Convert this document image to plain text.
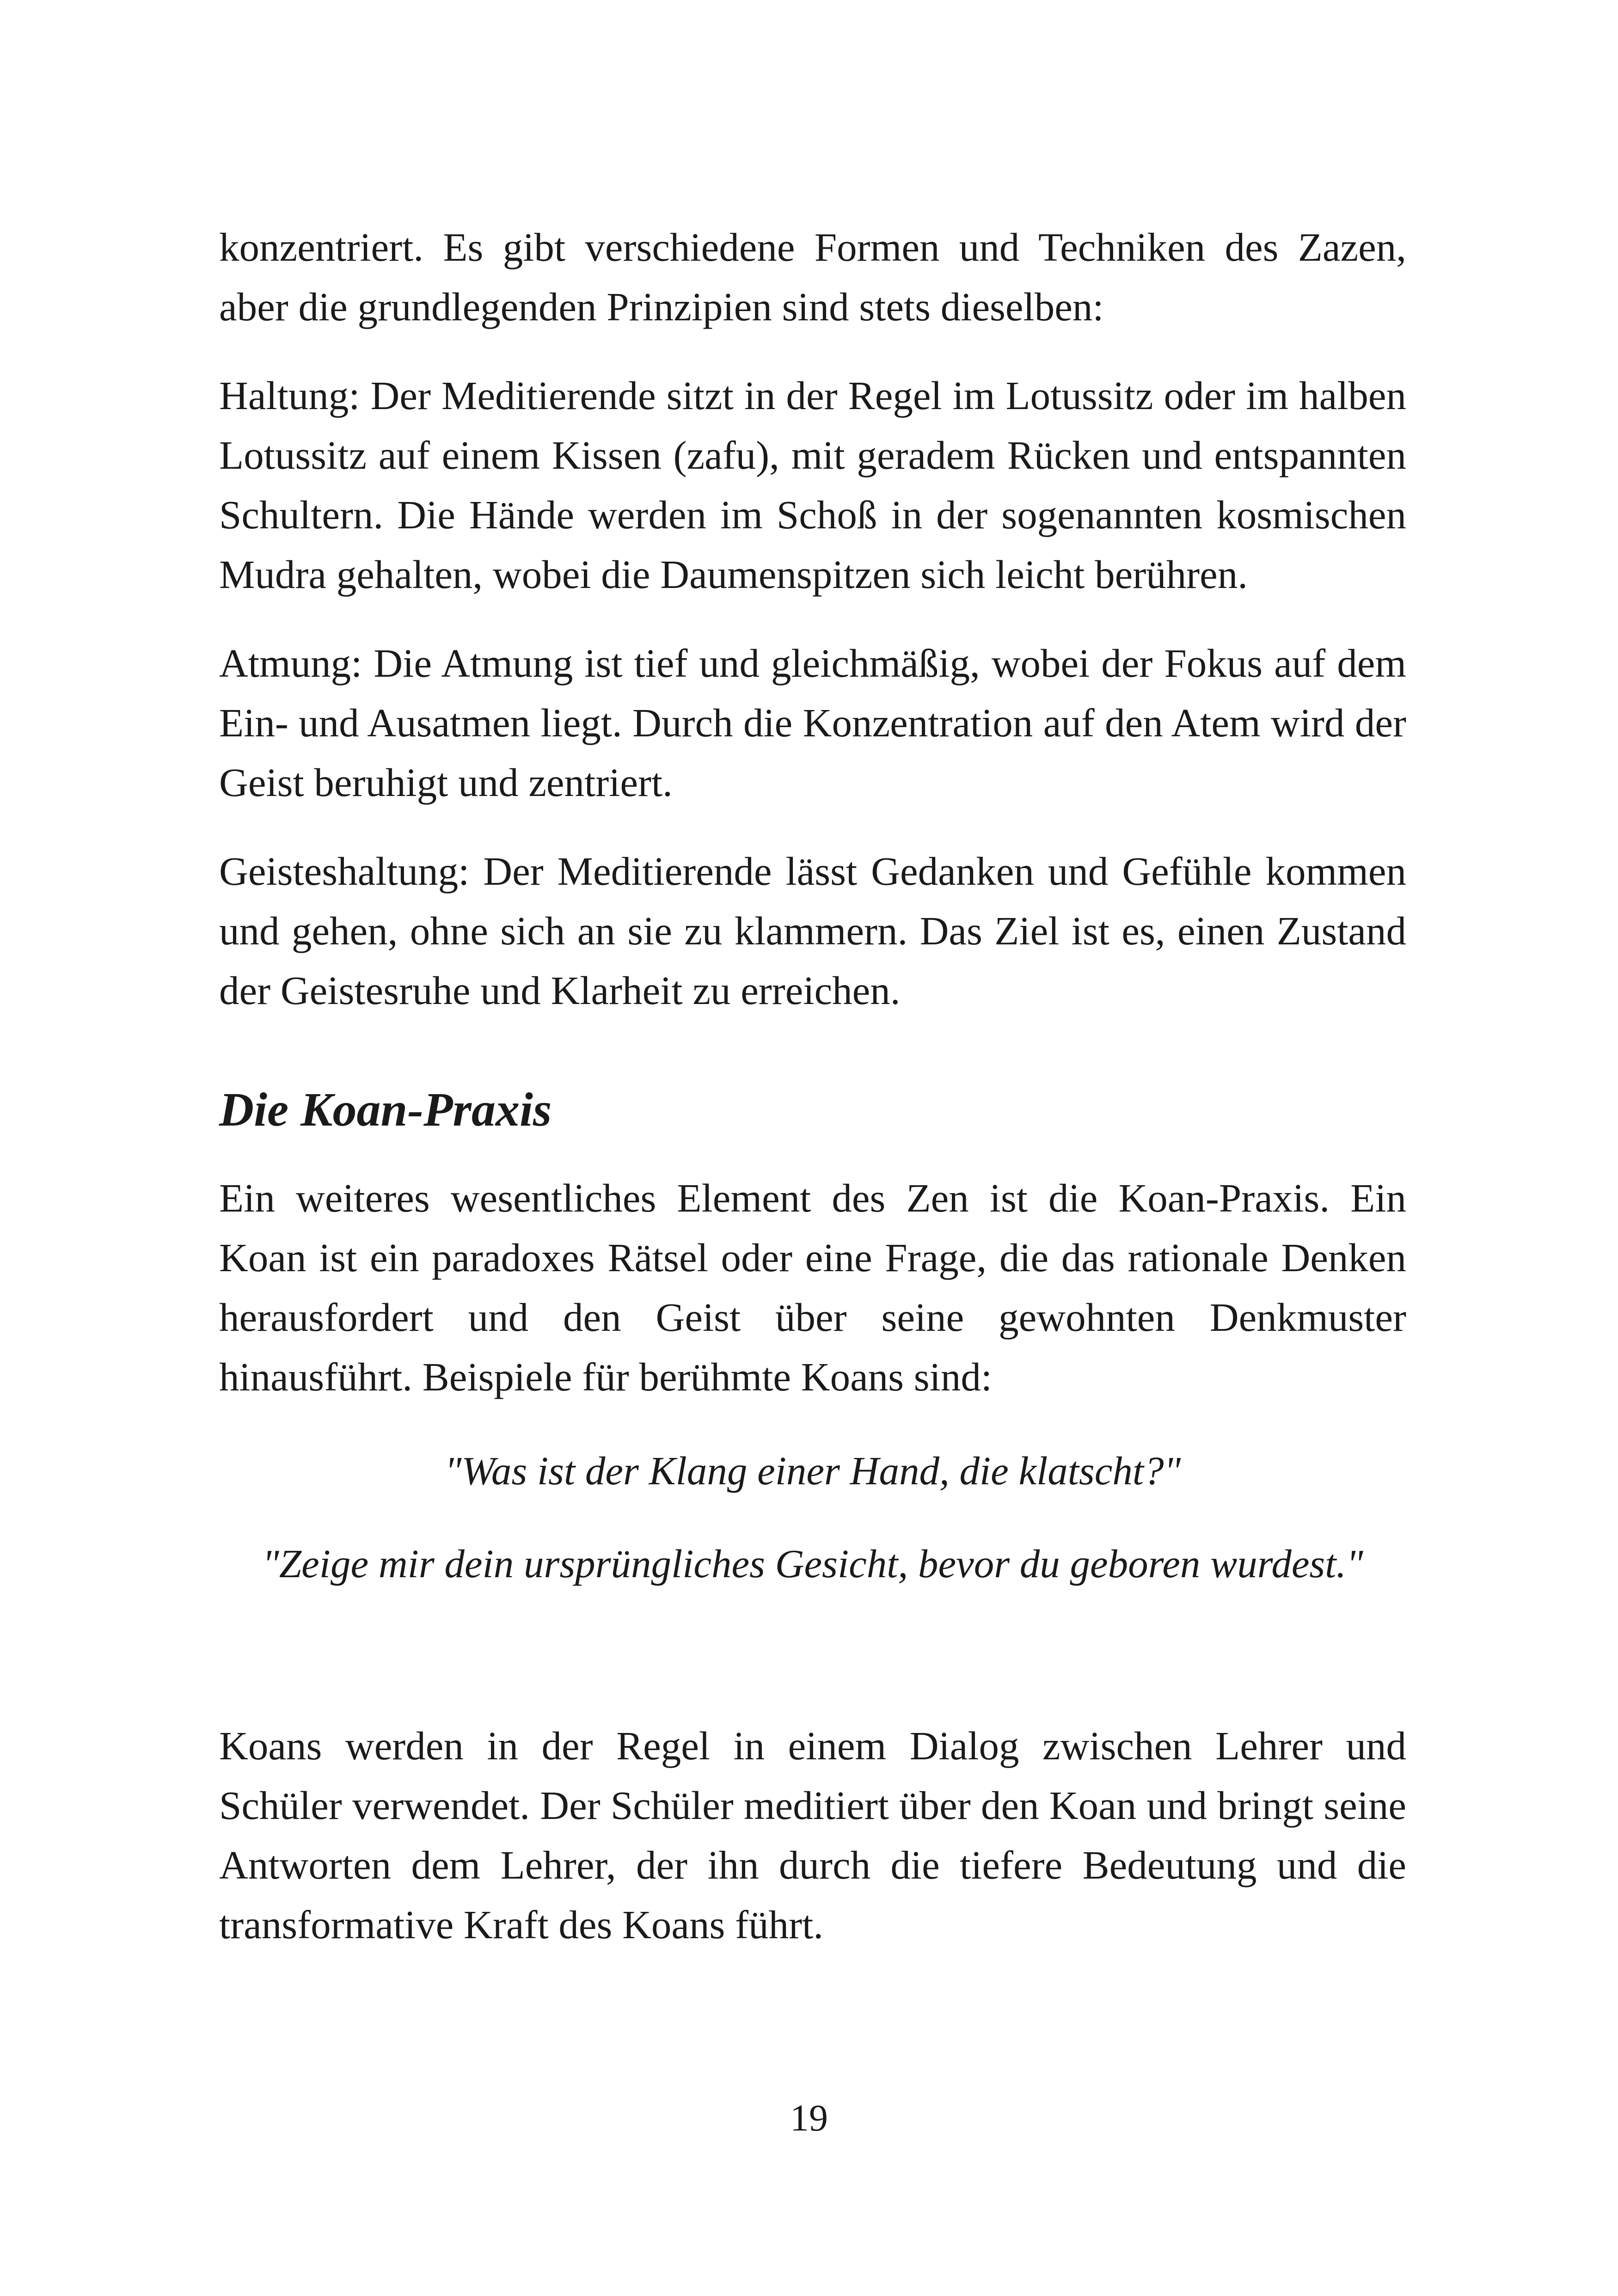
konzentriert. Es gibt verschiedene Formen und Techniken des Zazen, aber die grundlegenden Prinzipien sind stets dieselben:

Haltung: Der Meditierende sitzt in der Regel im Lotussitz oder im halben Lotussitz auf einem Kissen (zafu), mit geradem Rücken und entspannten Schultern. Die Hände werden im Schoß in der sogenannten kosmischen Mudra gehalten, wobei die Daumenspitzen sich leicht berühren.

Atmung: Die Atmung ist tief und gleichmäßig, wobei der Fokus auf dem Ein- und Ausatmen liegt. Durch die Konzentration auf den Atem wird der Geist beruhigt und zentriert.

Geisteshaltung: Der Meditierende lässt Gedanken und Gefühle kommen und gehen, ohne sich an sie zu klammern. Das Ziel ist es, einen Zustand der Geistesruhe und Klarheit zu erreichen.

Die Koan-Praxis

Ein weiteres wesentliches Element des Zen ist die Koan-Praxis. Ein Koan ist ein paradoxes Rätsel oder eine Frage, die das rationale Denken herausfordert und den Geist über seine gewohnten Denkmuster hinausführt. Beispiele für berühmte Koans sind:

"Was ist der Klang einer Hand, die klatscht?"

"Zeige mir dein ursprüngliches Gesicht, bevor du geboren wurdest."

Koans werden in der Regel in einem Dialog zwischen Lehrer und Schüler verwendet. Der Schüler meditiert über den Koan und bringt seine Antworten dem Lehrer, der ihn durch die tiefere Bedeutung und die transformative Kraft des Koans führt.

19
